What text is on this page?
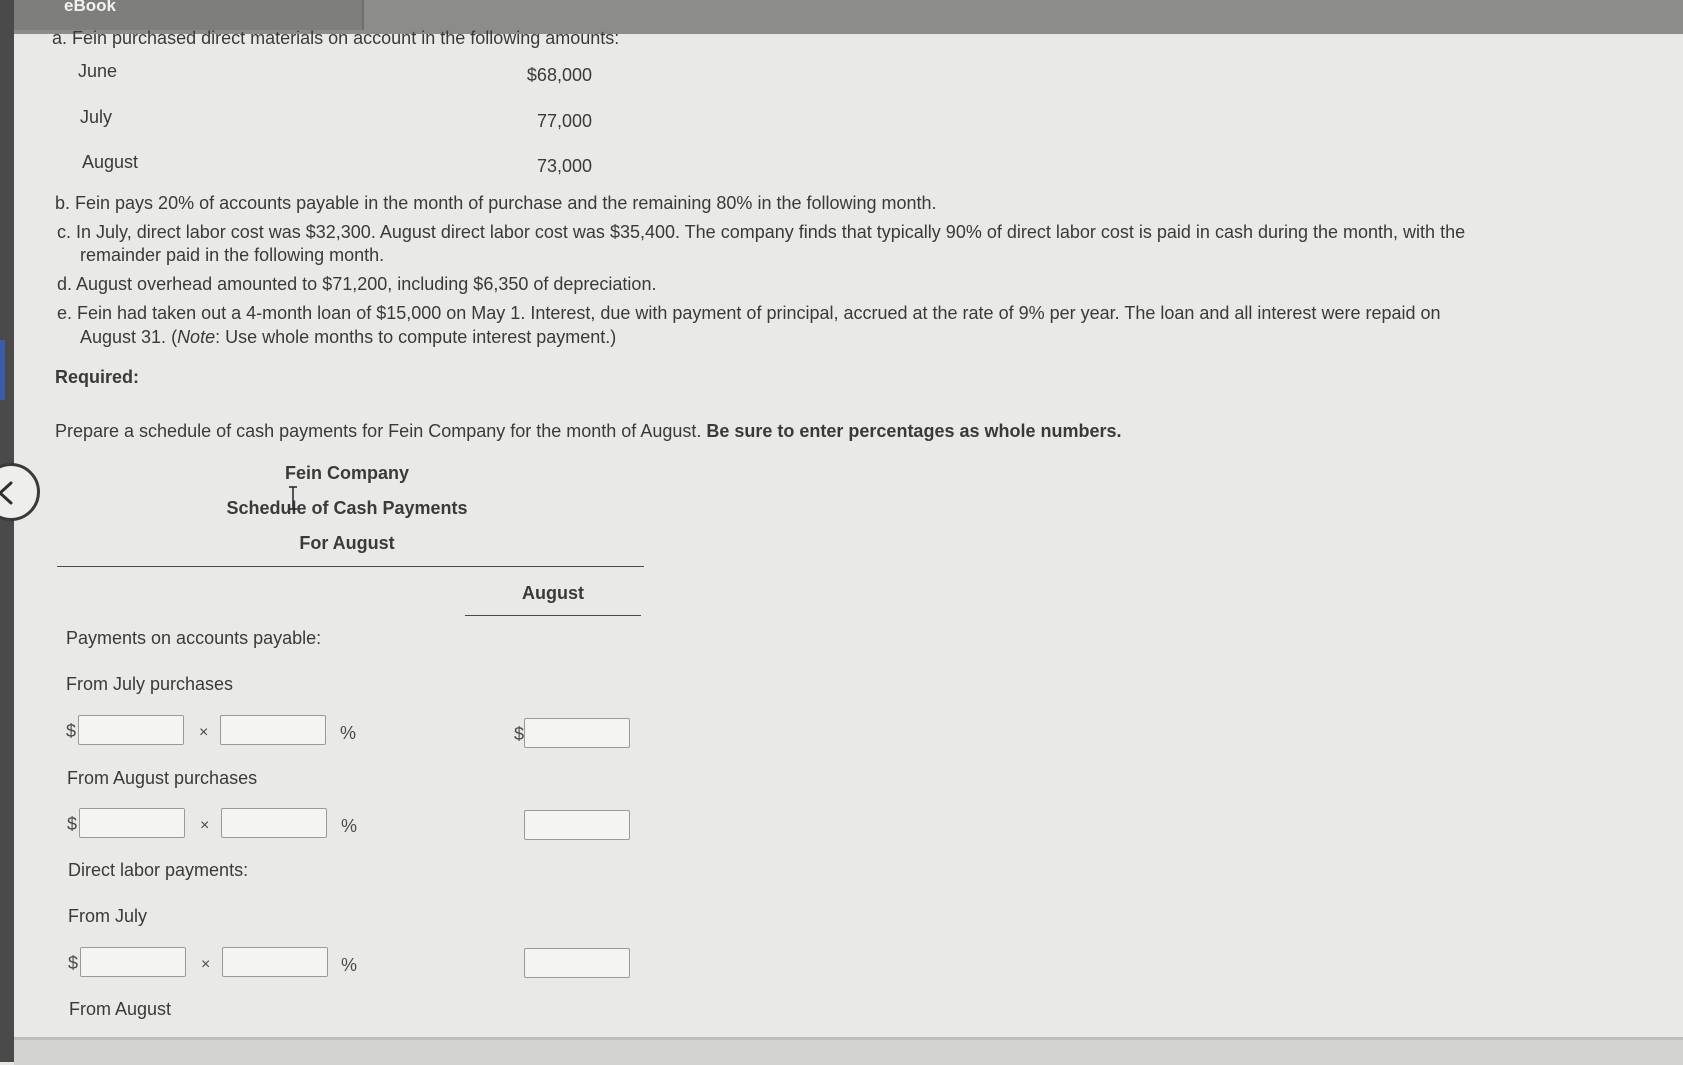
eBook
a. Fein purchased direct materials on account in the following amounts:
June	$68,000
July	77,000
August	73,000
b. Fein pays 20% of accounts payable in the month of purchase and the remaining 80% in the following month.
c. In July, direct labor cost was $32,300. August direct labor cost was $35,400. The company finds that typically 90% of direct labor cost is paid in cash during the month, with the
remainder paid in the following month.
d. August overhead amounted to $71,200, including $6,350 of depreciation.
e. Fein had taken out a 4-month loan of $15,000 on May 1. Interest, due with payment of principal, accrued at the rate of 9% per year. The loan and all interest were repaid on
August 31. (Note: Use whole months to compute interest payment.)
Required:
Prepare a schedule of cash payments for Fein Company for the month of August. Be sure to enter percentages as whole numbers.
Fein Company
Schedule of Cash Payments
For August
August
Payments on accounts payable:
From July purchases
$	×	%	$
From August purchases
$	×	%
Direct labor payments:
From July
$	×	%
From August
